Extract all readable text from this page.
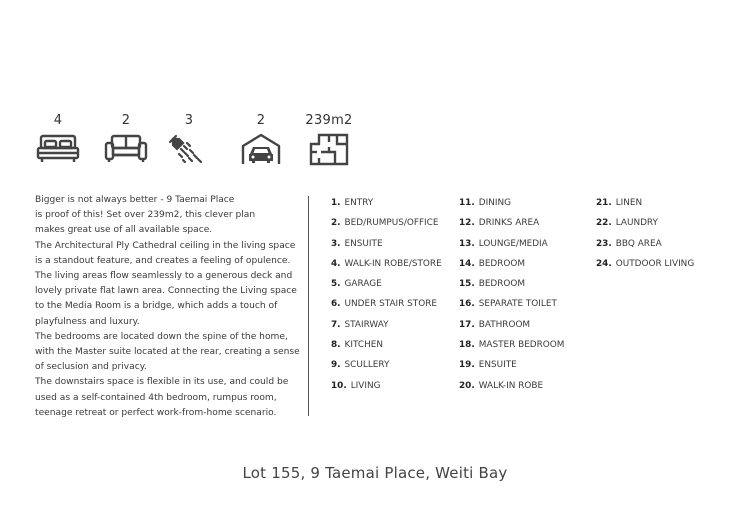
4	2	3	2	239m2

Bigger is not always better - 9 Taemai Place

is proof of this! Set over 239m2, this clever plan

makes great use of all available space.

The Architectural Ply Cathedral ceiling in the living space

is a standout feature, and creates a feeling of opulence.

The living areas flow seamlessly to a generous deck and

lovely private flat lawn area. Connecting the Living space

to the Media Room is a bridge, which adds a touch of

playfulness and luxury.

The bedrooms are located down the spine of the home,

with the Master suite located at the rear, creating a sense

of seclusion and privacy.

The downstairs space is flexible in its use, and could be

used as a self-contained 4th bedroom, rumpus room,

teenage retreat or perfect work-from-home scenario.

1. ENTRY
2. BED/RUMPUS/OFFICE
3. ENSUITE
4. WALK-IN ROBE/STORE
5. GARAGE
6. UNDER STAIR STORE
7. STAIRWAY
8. KITCHEN
9. SCULLERY
10. LIVING
11. DINING
12. DRINKS AREA
13. LOUNGE/MEDIA
14. BEDROOM
15. BEDROOM
16. SEPARATE TOILET
17. BATHROOM
18. MASTER BEDROOM
19. ENSUITE
20. WALK-IN ROBE
21. LINEN
22. LAUNDRY
23. BBQ AREA
24. OUTDOOR LIVING
Lot 155, 9 Taemai Place, Weiti Bay
